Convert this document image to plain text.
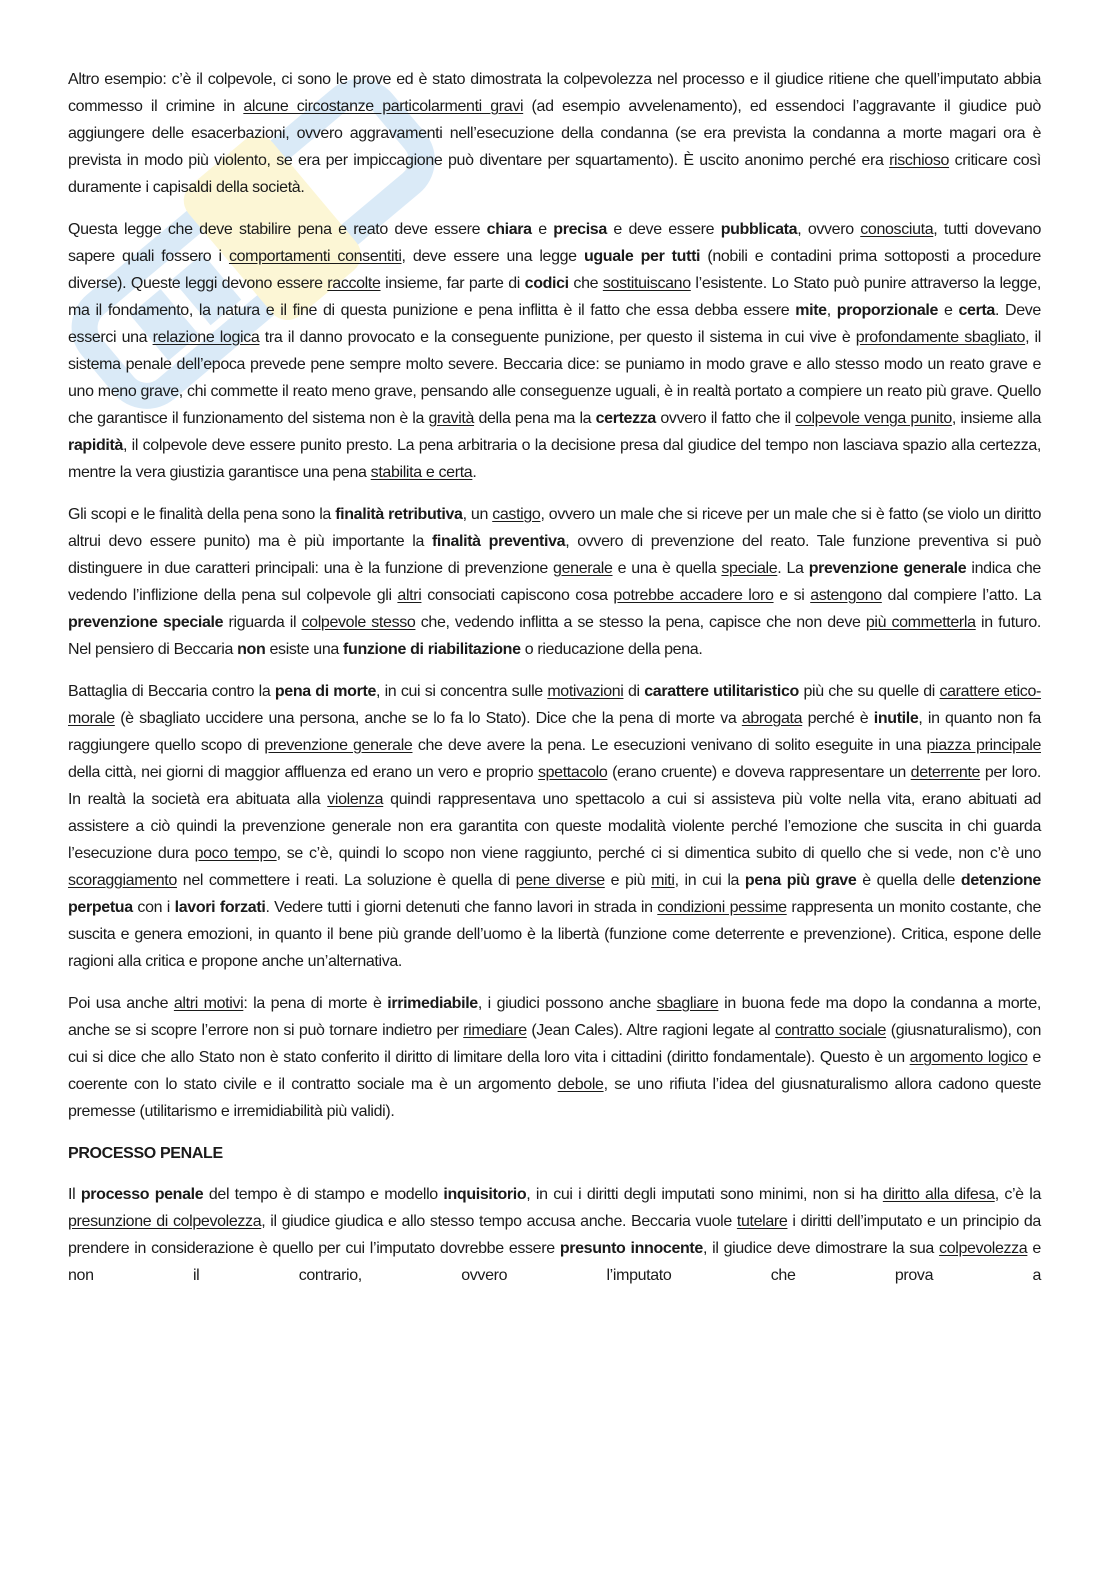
Altro esempio: c’è il colpevole, ci sono le prove ed è stato dimostrata la colpevolezza nel processo e il giudice ritiene che quell’imputato abbia commesso il crimine in alcune circostanze particolarmenti gravi (ad esempio avvelenamento), ed essendoci l’aggravante il giudice può aggiungere delle esacerbazioni, ovvero aggravamenti nell’esecuzione della condanna (se era prevista la condanna a morte magari ora è prevista in modo più violento, se era per impiccagione può diventare per squartamento). È uscito anonimo perché era rischioso criticare così duramente i capisaldi della società.

Questa legge che deve stabilire pena e reato deve essere chiara e precisa e deve essere pubblicata, ovvero conosciuta, tutti dovevano sapere quali fossero i comportamenti consentiti, deve essere una legge uguale per tutti (nobili e contadini prima sottoposti a procedure diverse). Queste leggi devono essere raccolte insieme, far parte di codici che sostituiscano l’esistente. Lo Stato può punire attraverso la legge, ma il fondamento, la natura e il fine di questa punizione e pena inflitta è il fatto che essa debba essere mite, proporzionale e certa. Deve esserci una relazione logica tra il danno provocato e la conseguente punizione, per questo il sistema in cui vive è profondamente sbagliato, il sistema penale dell’epoca prevede pene sempre molto severe. Beccaria dice: se puniamo in modo grave e allo stesso modo un reato grave e uno meno grave, chi commette il reato meno grave, pensando alle conseguenze uguali, è in realtà portato a compiere un reato più grave. Quello che garantisce il funzionamento del sistema non è la gravità della pena ma la certezza ovvero il fatto che il colpevole venga punito, insieme alla rapidità, il colpevole deve essere punito presto. La pena arbitraria o la decisione presa dal giudice del tempo non lasciava spazio alla certezza, mentre la vera giustizia garantisce una pena stabilita e certa.

Gli scopi e le finalità della pena sono la finalità retributiva, un castigo, ovvero un male che si riceve per un male che si è fatto (se violo un diritto altrui devo essere punito) ma è più importante la finalità preventiva, ovvero di prevenzione del reato. Tale funzione preventiva si può distinguere in due caratteri principali: una è la funzione di prevenzione generale e una è quella speciale. La prevenzione generale indica che vedendo l’inflizione della pena sul colpevole gli altri consociati capiscono cosa potrebbe accadere loro e si astengono dal compiere l’atto. La prevenzione speciale riguarda il colpevole stesso che, vedendo inflitta a se stesso la pena, capisce che non deve più commetterla in futuro. Nel pensiero di Beccaria non esiste una funzione di riabilitazione o rieducazione della pena.

Battaglia di Beccaria contro la pena di morte, in cui si concentra sulle motivazioni di carattere utilitaristico più che su quelle di carattere etico-morale (è sbagliato uccidere una persona, anche se lo fa lo Stato). Dice che la pena di morte va abrogata perché è inutile, in quanto non fa raggiungere quello scopo di prevenzione generale che deve avere la pena. Le esecuzioni venivano di solito eseguite in una piazza principale della città, nei giorni di maggior affluenza ed erano un vero e proprio spettacolo (erano cruente) e doveva rappresentare un deterrente per loro. In realtà la società era abituata alla violenza quindi rappresentava uno spettacolo a cui si assisteva più volte nella vita, erano abituati ad assistere a ciò quindi la prevenzione generale non era garantita con queste modalità violente perché l’emozione che suscita in chi guarda l’esecuzione dura poco tempo, se c’è, quindi lo scopo non viene raggiunto, perché ci si dimentica subito di quello che si vede, non c’è uno scoraggiamento nel commettere i reati. La soluzione è quella di pene diverse e più miti, in cui la pena più grave è quella delle detenzione perpetua con i lavori forzati. Vedere tutti i giorni detenuti che fanno lavori in strada in condizioni pessime rappresenta un monito costante, che suscita e genera emozioni, in quanto il bene più grande dell’uomo è la libertà (funzione come deterrente e prevenzione). Critica, espone delle ragioni alla critica e propone anche un’alternativa.

Poi usa anche altri motivi: la pena di morte è irrimediabile, i giudici possono anche sbagliare in buona fede ma dopo la condanna a morte, anche se si scopre l’errore non si può tornare indietro per rimediare (Jean Cales). Altre ragioni legate al contratto sociale (giusnaturalismo), con cui si dice che allo Stato non è stato conferito il diritto di limitare della loro vita i cittadini (diritto fondamentale). Questo è un argomento logico e coerente con lo stato civile e il contratto sociale ma è un argomento debole, se uno rifiuta l’idea del giusnaturalismo allora cadono queste premesse (utilitarismo e irremidiabilità più validi).

PROCESSO PENALE

Il processo penale del tempo è di stampo e modello inquisitorio, in cui i diritti degli imputati sono minimi, non si ha diritto alla difesa, c’è la presunzione di colpevolezza, il giudice giudica e allo stesso tempo accusa anche. Beccaria vuole tutelare i diritti dell’imputato e un principio da prendere in considerazione è quello per cui l’imputato dovrebbe essere presunto innocente, il giudice deve dimostrare la sua colpevolezza e non il contrario, ovvero l’imputato che prova a
